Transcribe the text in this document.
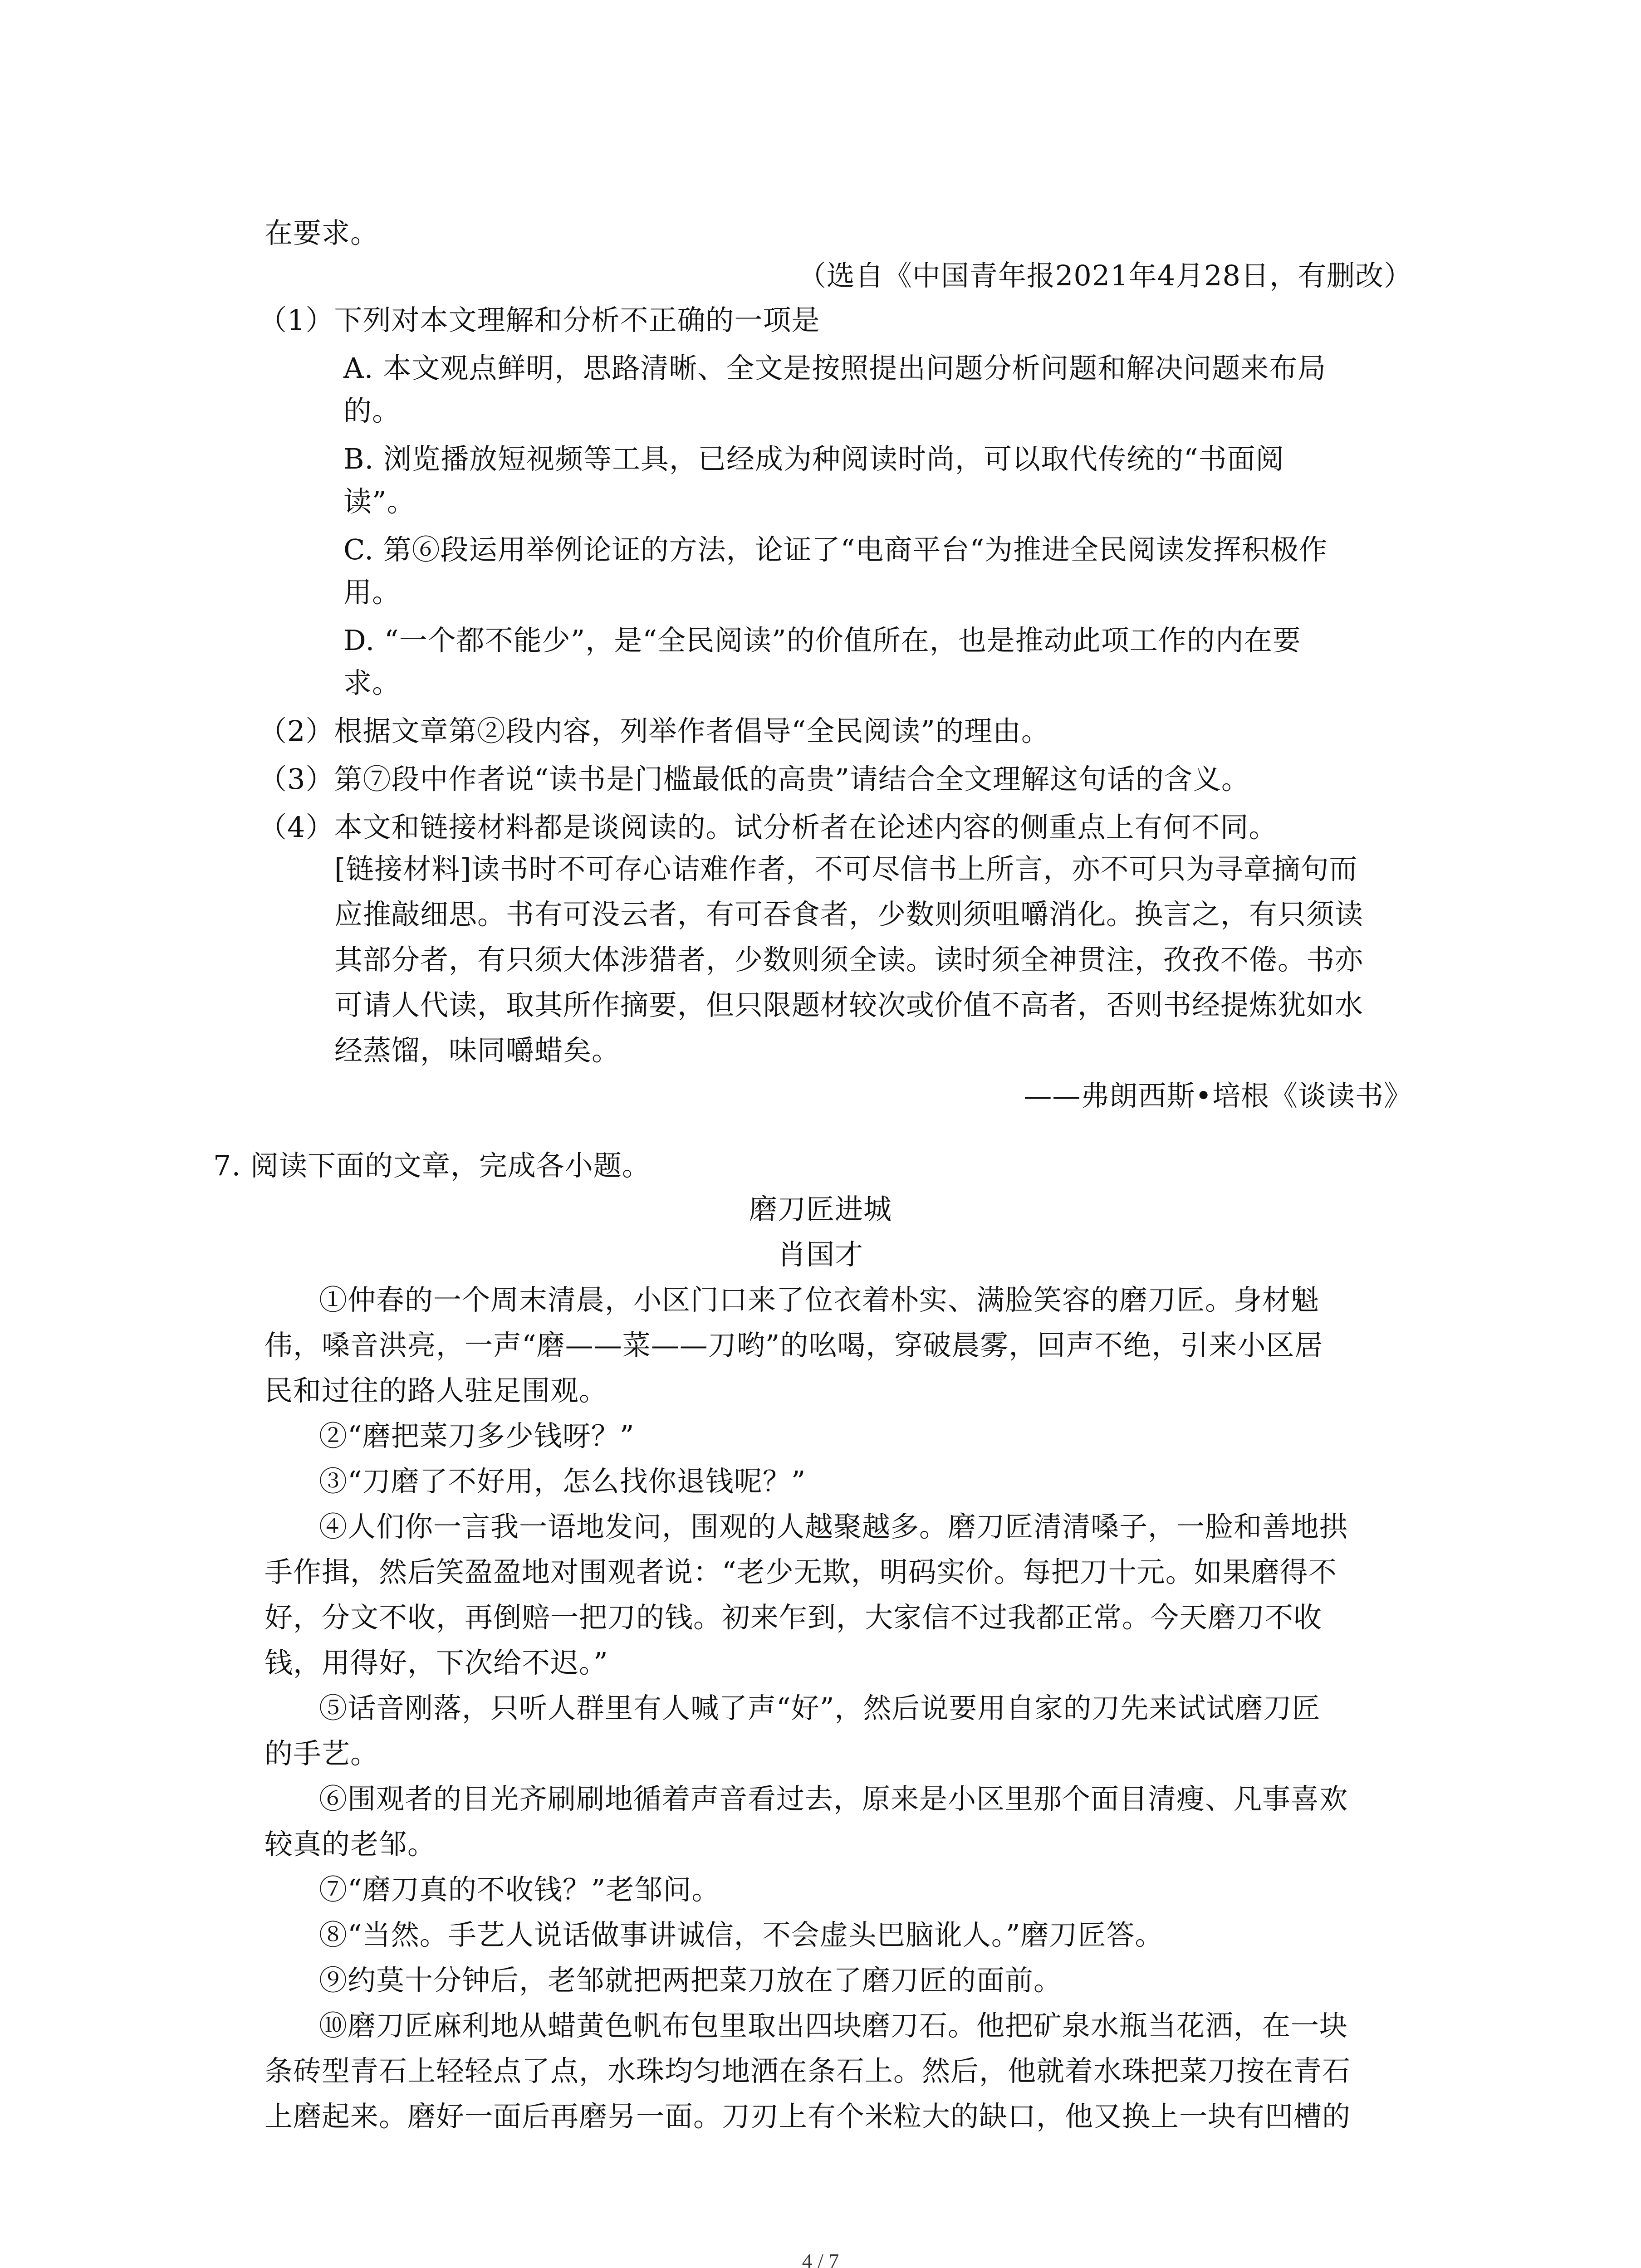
在要求。
（选自《中国青年报2021年4月28日，有删改）
（1）下列对本文理解和分析不正确的一项是
A. 本文观点鲜明，思路清晰、全文是按照提出问题分析问题和解决问题来布局
的。
B. 浏览播放短视频等工具，已经成为种阅读时尚，可以取代传统的“书面阅
读”。
C. 第⑥段运用举例论证的方法，论证了“电商平台“为推进全民阅读发挥积极作
用。
D. “一个都不能少”，是“全民阅读”的价值所在，也是推动此项工作的内在要
求。
（2）根据文章第②段内容，列举作者倡导“全民阅读”的理由。
（3）第⑦段中作者说“读书是门槛最低的高贵”请结合全文理解这句话的含义。
（4）本文和链接材料都是谈阅读的。试分析者在论述内容的侧重点上有何不同。
[链接材料]读书时不可存心诘难作者，不可尽信书上所言，亦不可只为寻章摘句而
应推敲细思。书有可没云者，有可吞食者，少数则须咀嚼消化。换言之，有只须读
其部分者，有只须大体涉猎者，少数则须全读。读时须全神贯注，孜孜不倦。书亦
可请人代读，取其所作摘要，但只限题材较次或价值不高者，否则书经提炼犹如水
经蒸馏，味同嚼蜡矣。
——弗朗西斯•培根《谈读书》
7. 阅读下面的文章，完成各小题。
磨刀匠进城
肖国才
①仲春的一个周末清晨，小区门口来了位衣着朴实、满脸笑容的磨刀匠。身材魁
伟，嗓音洪亮，一声“磨——菜——刀哟”的吆喝，穿破晨雾，回声不绝，引来小区居
民和过往的路人驻足围观。
②“磨把菜刀多少钱呀？”
③“刀磨了不好用，怎么找你退钱呢？”
④人们你一言我一语地发问，围观的人越聚越多。磨刀匠清清嗓子，一脸和善地拱
手作揖，然后笑盈盈地对围观者说：“老少无欺，明码实价。每把刀十元。如果磨得不
好，分文不收，再倒赔一把刀的钱。初来乍到，大家信不过我都正常。今天磨刀不收
钱，用得好，下次给不迟。”
⑤话音刚落，只听人群里有人喊了声“好”，然后说要用自家的刀先来试试磨刀匠
的手艺。
⑥围观者的目光齐刷刷地循着声音看过去，原来是小区里那个面目清瘦、凡事喜欢
较真的老邹。
⑦“磨刀真的不收钱？”老邹问。
⑧“当然。手艺人说话做事讲诚信，不会虚头巴脑讹人。”磨刀匠答。
⑨约莫十分钟后，老邹就把两把菜刀放在了磨刀匠的面前。
⑩磨刀匠麻利地从蜡黄色帆布包里取出四块磨刀石。他把矿泉水瓶当花洒，在一块
条砖型青石上轻轻点了点，水珠均匀地洒在条石上。然后，他就着水珠把菜刀按在青石
上磨起来。磨好一面后再磨另一面。刀刃上有个米粒大的缺口，他又换上一块有凹槽的
4 / 7
